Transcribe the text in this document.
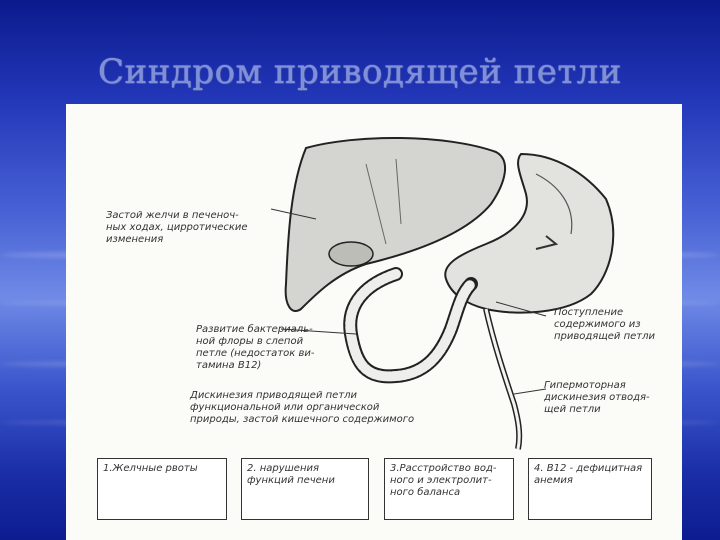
Синдром приводящей петли
Застой желчи в печеноч-
ных ходах, цирротические
изменения
Развитие бактериаль-
ной флоры в слепой
петле (недостаток ви-
тамина B12)
Дискинезия приводящей петли
функциональной или органической
природы, застой кишечного содержимого
Поступление
содержимого из
приводящей петли
Гипермоторная
дискинезия отводя-
щей петли
1.Желчные рвоты	2. нарушения
функций печени
3.Расстройство вод-
ного и электролит-
ного баланса
4. B12 - дефицитная
анемия
